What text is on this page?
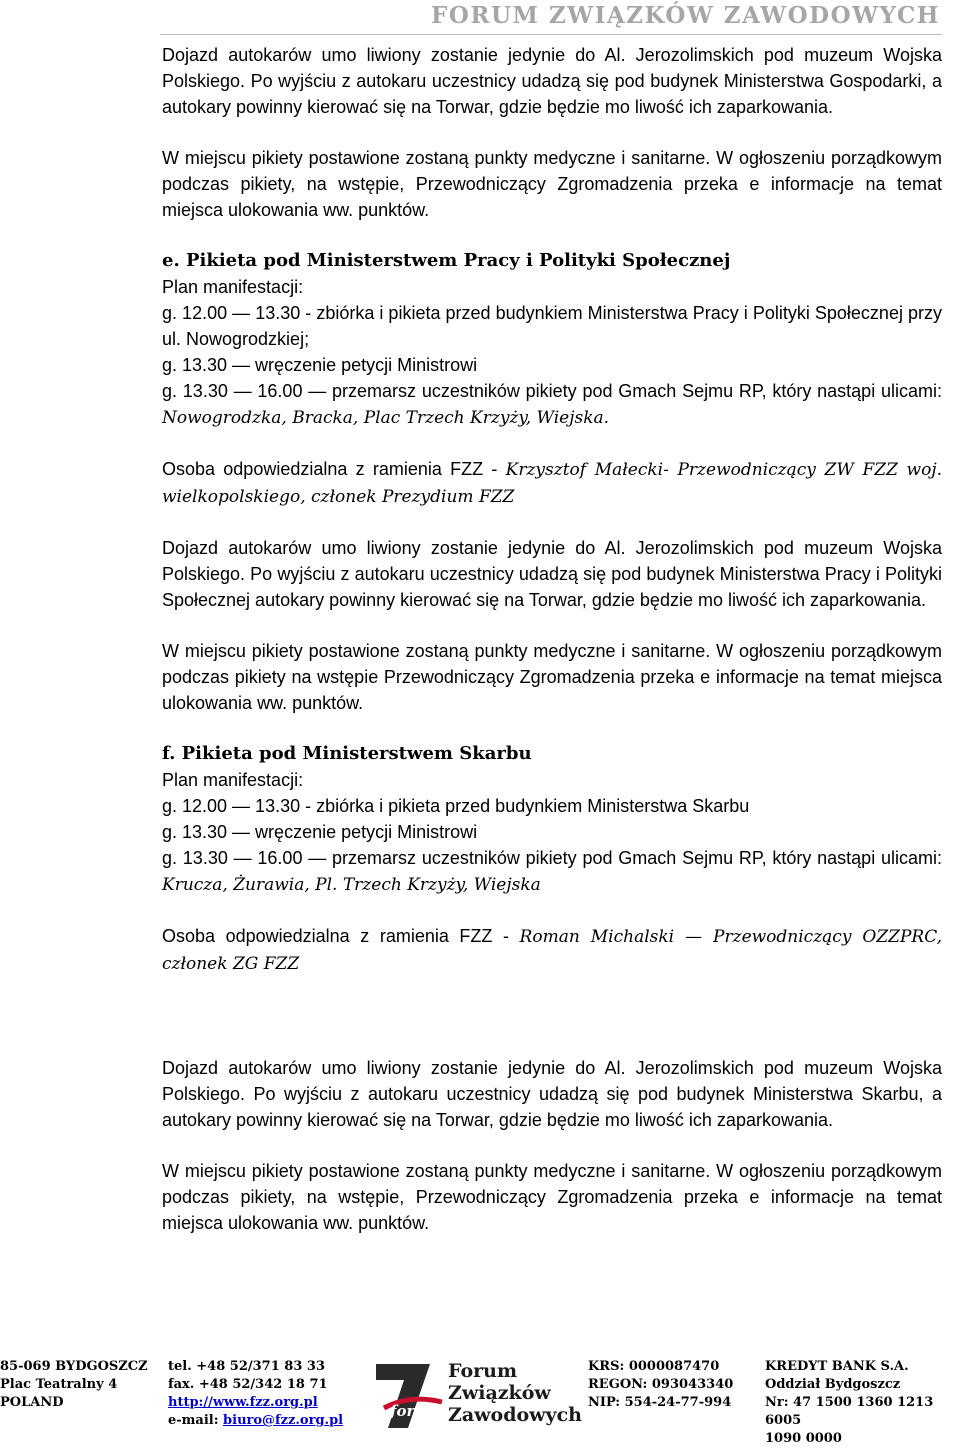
FORUM ZWIĄZKÓW ZAWODOWYCH

Dojazd autokarów umo liwiony zostanie jedynie do Al. Jerozolimskich pod muzeum Wojska Polskiego. Po wyjściu z autokaru uczestnicy udadzą się pod budynek Ministerstwa Gospodarki, a autokary powinny kierować się na Torwar, gdzie będzie mo liwość ich zaparkowania.

W miejscu pikiety postawione zostaną punkty medyczne i sanitarne. W ogłoszeniu porządkowym podczas pikiety, na wstępie, Przewodniczący Zgromadzenia przeka e informacje na temat miejsca ulokowania ww. punktów.

e. Pikieta pod Ministerstwem Pracy i Polityki Społecznej
Plan manifestacji:

g. 12.00 — 13.30 - zbiórka i pikieta przed budynkiem Ministerstwa Pracy i Polityki Społecznej przy ul. Nowogrodzkiej;

g. 13.30 — wręczenie petycji Ministrowi

g. 13.30 — 16.00 — przemarsz uczestników pikiety pod Gmach Sejmu RP, który nastąpi ulicami: Nowogrodzka, Bracka, Plac Trzech Krzyży, Wiejska.

Osoba odpowiedzialna z ramienia FZZ - Krzysztof Małecki- Przewodniczący ZW FZZ woj. wielkopolskiego, członek Prezydium FZZ

Dojazd autokarów umo liwiony zostanie jedynie do Al. Jerozolimskich pod muzeum Wojska Polskiego. Po wyjściu z autokaru uczestnicy udadzą się pod budynek Ministerstwa Pracy i Polityki Społecznej autokary powinny kierować się na Torwar, gdzie będzie mo liwość ich zaparkowania.

W miejscu pikiety postawione zostaną punkty medyczne i sanitarne. W ogłoszeniu porządkowym podczas pikiety na wstępie Przewodniczący Zgromadzenia przeka e informacje na temat miejsca ulokowania ww. punktów.

f. Pikieta pod Ministerstwem Skarbu
Plan manifestacji:
g. 12.00 — 13.30 - zbiórka i pikieta przed budynkiem Ministerstwa Skarbu
g. 13.30 — wręczenie petycji Ministrowi

g. 13.30 — 16.00 — przemarsz uczestników pikiety pod Gmach Sejmu RP, który nastąpi ulicami: Krucza, Żurawia, Pl. Trzech Krzyży, Wiejska

Osoba odpowiedzialna z ramienia FZZ - Roman Michalski — Przewodniczący OZZPRC, członek ZG FZZ

Dojazd autokarów umo liwiony zostanie jedynie do Al. Jerozolimskich pod muzeum Wojska Polskiego. Po wyjściu z autokaru uczestnicy udadzą się pod budynek Ministerstwa Skarbu, a autokary powinny kierować się na Torwar, gdzie będzie mo liwość ich zaparkowania.

W miejscu pikiety postawione zostaną punkty medyczne i sanitarne. W ogłoszeniu porządkowym podczas pikiety, na wstępie, Przewodniczący Zgromadzenia przeka e informacje na temat miejsca ulokowania ww. punktów.

85-069 BYDGOSZCZ
Plac Teatralny 4
POLAND
tel. +48 52/371 83 33
fax. +48 52/342 18 71
http://www.fzz.org.pl
e-mail: biuro@fzz.org.pl
forum
Forum
Związków
Zawodowych
KRS: 0000087470
REGON: 093043340
NIP: 554-24-77-994
KREDYT BANK S.A.
Oddział Bydgoszcz
Nr: 47 1500 1360 1213 6005
1090 0000
